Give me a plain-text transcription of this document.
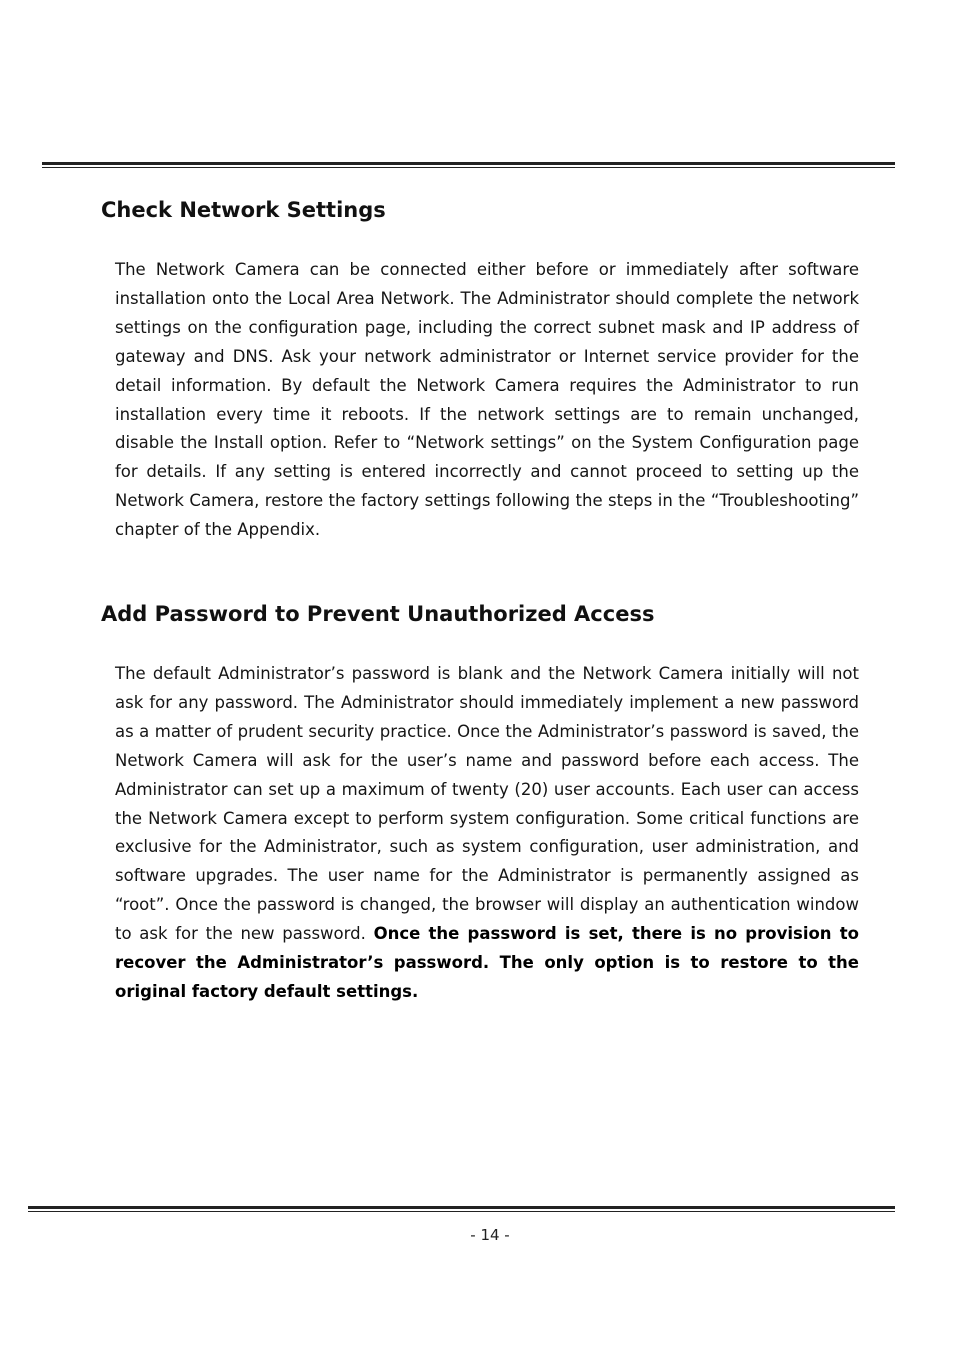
Check Network Settings

The Network Camera can be connected either before or immediately after software installation onto the Local Area Network. The Administrator should complete the network settings on the configuration page, including the correct subnet mask and IP address of gateway and DNS. Ask your network administrator or Internet service provider for the detail information. By default the Network Camera requires the Administrator to run installation every time it reboots. If the network settings are to remain unchanged, disable the Install option. Refer to “Network settings” on the System Configuration page for details. If any setting is entered incorrectly and cannot proceed to setting up the Network Camera, restore the factory settings following the steps in the “Troubleshooting” chapter of the Appendix.

Add Password to Prevent Unauthorized Access

The default Administrator’s password is blank and the Network Camera initially will not ask for any password. The Administrator should immediately implement a new password as a matter of prudent security practice. Once the Administrator’s password is saved, the Network Camera will ask for the user’s name and password before each access. The Administrator can set up a maximum of twenty (20) user accounts. Each user can access the Network Camera except to perform system configuration. Some critical functions are exclusive for the Administrator, such as system configuration, user administration, and software upgrades. The user name for the Administrator is permanently assigned as “root”. Once the password is changed, the browser will display an authentication window to ask for the new password. Once the password is set, there is no provision to recover the Administrator’s password. The only option is to restore to the original factory default settings.

- 14 -
